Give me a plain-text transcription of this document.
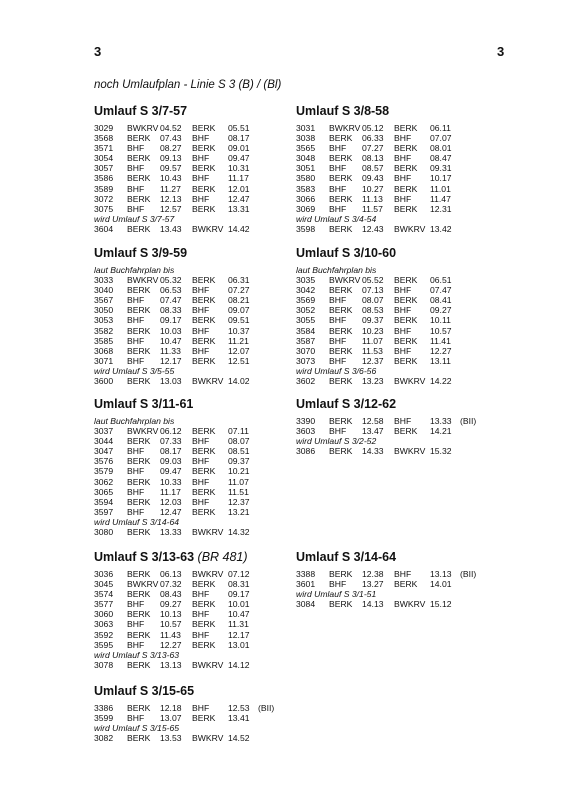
3	3
noch Umlaufplan - Linie S 3 (B) / (Bl)
Umlauf S 3/7-57
3029	BWKRV 04.52	BERK	05.51
3568	BERK	07.43	BHF	08.17
3571	BHF	08.27	BERK	09.01
3054	BERK	09.13	BHF	09.47
3057	BHF	09.57	BERK	10.31
3586	BERK	10.43	BHF	11.17
3589	BHF	11.27	BERK	12.01
3072	BERK	12.13	BHF	12.47
3075	BHF	12.57	BERK	13.31
wird Umlauf S 3/7-57
3604	BERK	13.43	BWKRV 14.42
Umlauf S 3/8-58
3031	BWKRV 05.12	BERK	06.11
3038	BERK	06.33	BHF	07.07
3565	BHF	07.27	BERK	08.01
3048	BERK	08.13	BHF	08.47
3051	BHF	08.57	BERK	09.31
3580	BERK	09.43	BHF	10.17
3583	BHF	10.27	BERK	11.01
3066	BERK	11.13	BHF	11.47
3069	BHF	11.57	BERK	12.31
wird Umlauf S 3/4-54
3598	BERK	12.43	BWKRV 13.42
Umlauf S 3/9-59
laut Buchfahrplan bis
3033	BWKRV 05.32	BERK	06.31
3040	BERK	06.53	BHF	07.27
3567	BHF	07.47	BERK	08.21
3050	BERK	08.33	BHF	09.07
3053	BHF	09.17	BERK	09.51
3582	BERK	10.03	BHF	10.37
3585	BHF	10.47	BERK	11.21
3068	BERK	11.33	BHF	12.07
3071	BHF	12.17	BERK	12.51
wird Umlauf S 3/5-55
3600	BERK	13.03	BWKRV 14.02
Umlauf S 3/10-60
laut Buchfahrplan bis
3035	BWKRV 05.52	BERK	06.51
3042	BERK	07.13	BHF	07.47
3569	BHF	08.07	BERK	08.41
3052	BERK	08.53	BHF	09.27
3055	BHF	09.37	BERK	10.11
3584	BERK	10.23	BHF	10.57
3587	BHF	11.07	BERK	11.41
3070	BERK	11.53	BHF	12.27
3073	BHF	12.37	BERK	13.11
wird Umlauf S 3/6-56
3602	BERK	13.23	BWKRV 14.22
Umlauf S 3/11-61
laut Buchfahrplan bis
3037	BWKRV 06.12	BERK	07.11
3044	BERK	07.33	BHF	08.07
3047	BHF	08.17	BERK	08.51
3576	BERK	09.03	BHF	09.37
3579	BHF	09.47	BERK	10.21
3062	BERK	10.33	BHF	11.07
3065	BHF	11.17	BERK	11.51
3594	BERK	12.03	BHF	12.37
3597	BHF	12.47	BERK	13.21
wird Umlauf S 3/14-64
3080	BERK	13.33	BWKRV 14.32
Umlauf S 3/12-62
3390	BERK	12.58	BHF	13.33 (BII)
3603	BHF	13.47	BERK	14.21
wird Umlauf S 3/2-52
3086	BERK	14.33	BWKRV 15.32
Umlauf S 3/13-63 (BR 481)
3036	BERK	06.13	BWKRV 07.12
3045	BWKRV 07.32	BERK	08.31
3574	BERK	08.43	BHF	09.17
3577	BHF	09.27	BERK	10.01
3060	BERK	10.13	BHF	10.47
3063	BHF	10.57	BERK	11.31
3592	BERK	11.43	BHF	12.17
3595	BHF	12.27	BERK	13.01
wird Umlauf S 3/13-63
3078	BERK	13.13	BWKRV 14.12
Umlauf S 3/14-64
3388	BERK	12.38	BHF	13.13 (BII)
3601	BHF	13.27	BERK	14.01
wird Umlauf S 3/1-51
3084	BERK	14.13	BWKRV 15.12
Umlauf S 3/15-65
3386	BERK	12.18	BHF	12.53 (BII)
3599	BHF	13.07	BERK	13.41
wird Umlauf S 3/15-65
3082	BERK	13.53	BWKRV 14.52
